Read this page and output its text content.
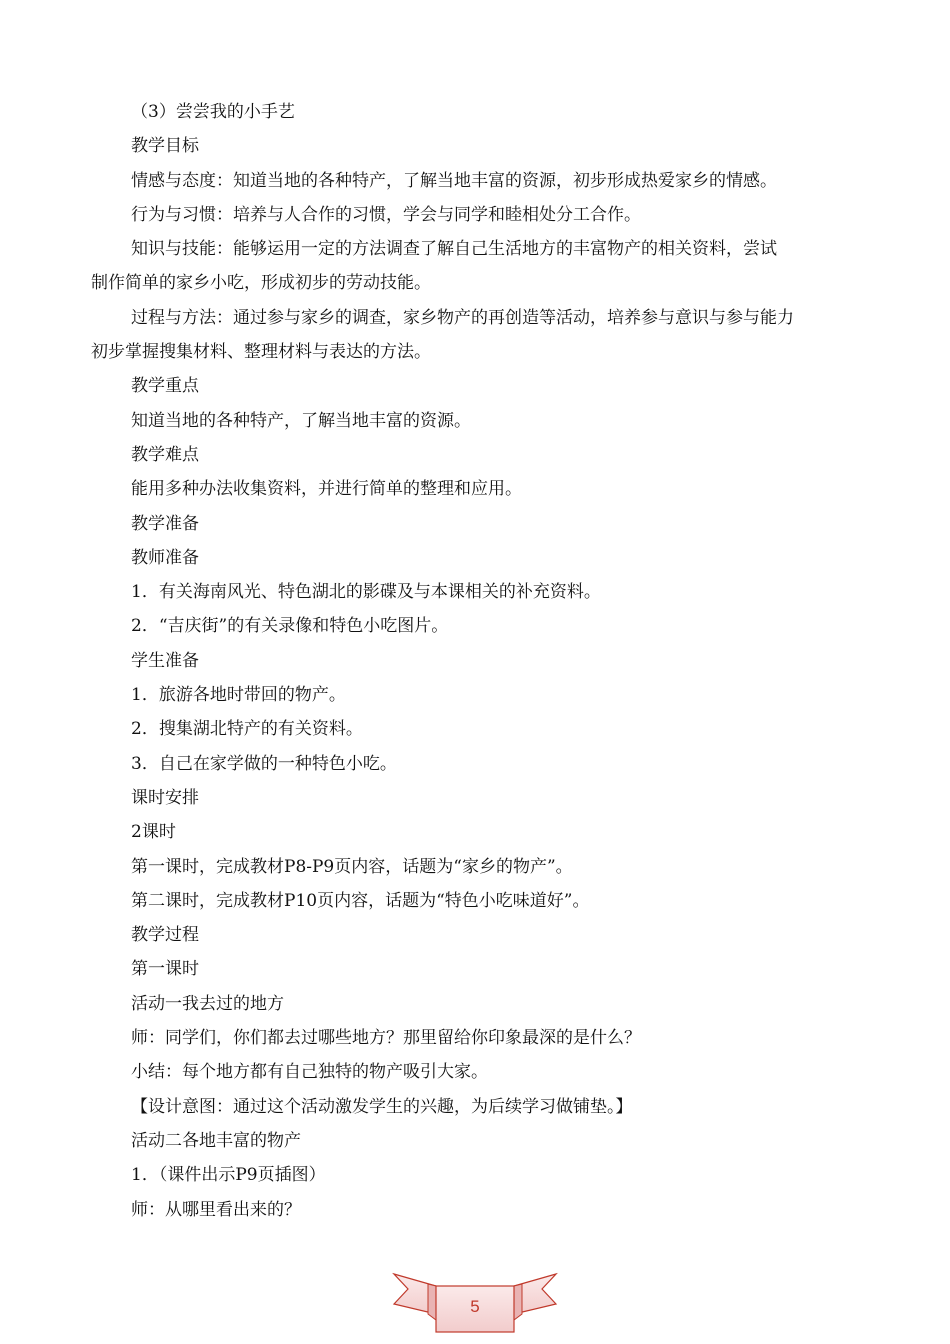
（3）尝尝我的小手艺
教学目标
情感与态度：知道当地的各种特产，了解当地丰富的资源，初步形成热爱家乡的情感。
行为与习惯：培养与人合作的习惯，学会与同学和睦相处分工合作。
知识与技能：能够运用一定的方法调查了解自己生活地方的丰富物产的相关资料，尝试
制作简单的家乡小吃，形成初步的劳动技能。
过程与方法：通过参与家乡的调查，家乡物产的再创造等活动，培养参与意识与参与能力
初步掌握搜集材料、整理材料与表达的方法。
教学重点
知道当地的各种特产，了解当地丰富的资源。
教学难点
能用多种办法收集资料，并进行简单的整理和应用。
教学准备
教师准备
1．有关海南风光、特色湖北的影碟及与本课相关的补充资料。
2．“吉庆街”的有关录像和特色小吃图片。
学生准备
1．旅游各地时带回的物产。
2．搜集湖北特产的有关资料。
3．自己在家学做的一种特色小吃。
课时安排
2课时
第一课时，完成教材P8-P9页内容，话题为“家乡的物产”。
第二课时，完成教材P10页内容，话题为“特色小吃味道好”。
教学过程
第一课时
活动一我去过的地方
师：同学们，你们都去过哪些地方？那里留给你印象最深的是什么？
小结：每个地方都有自己独特的物产吸引大家。
【设计意图：通过这个活动激发学生的兴趣，为后续学习做铺垫。】
活动二各地丰富的物产
1．（课件出示P9页插图）
师：从哪里看出来的？
5
